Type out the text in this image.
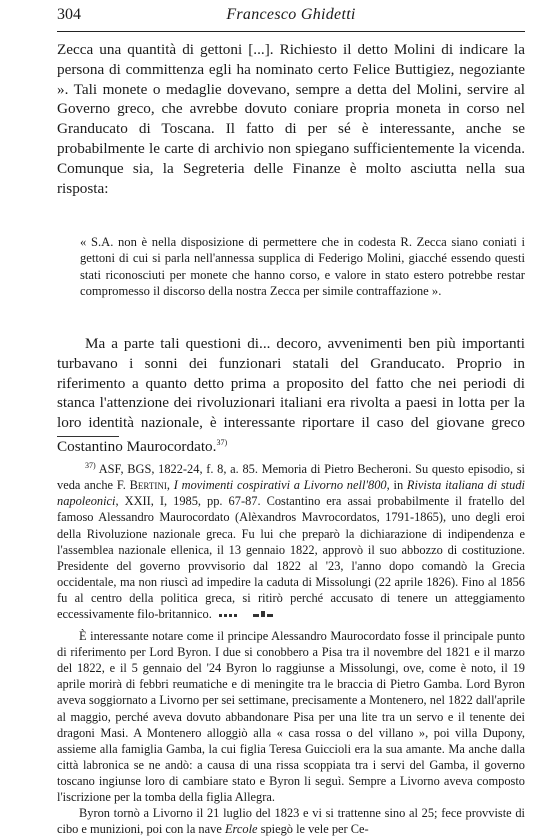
304	Francesco Ghidetti

Zecca una quantità di gettoni [...]. Richiesto il detto Molini di indicare la persona di committenza egli ha nominato certo Felice Buttigiez, negoziante ». Tali monete o medaglie dovevano, sempre a detta del Molini, servire al Governo greco, che avrebbe dovuto coniare propria moneta in corso nel Granducato di Toscana. Il fatto di per sé è interessante, anche se probabilmente le carte di archivio non spiegano sufficientemente la vicenda. Comunque sia, la Segreteria delle Finanze è molto asciutta nella sua risposta:

« S.A. non è nella disposizione di permettere che in codesta R. Zecca siano coniati i gettoni di cui si parla nell'annessa supplica di Federigo Molini, giacché essendo questi stati riconosciuti per monete che hanno corso, e valore in stato estero potrebbe restar compromesso il discorso della nostra Zecca per simile contraffazione ».

Ma a parte tali questioni di... decoro, avvenimenti ben più importanti turbavano i sonni dei funzionari statali del Granducato. Proprio in riferimento a quanto detto prima a proposito del fatto che nei periodi di stanca l'attenzione dei rivoluzionari italiani era rivolta a paesi in lotta per la loro identità nazionale, è interessante riportare il caso del giovane greco Costantino Maurocordato.$^{37)}$

$^{37)}$ ASF, BGS, 1822-24, f. 8, a. 85. Memoria di Pietro Becheroni. Su questo episodio, si veda anche F. Bertini, I movimenti cospirativi a Livorno nell'800, in Rivista italiana di studi napoleonici, XXII, I, 1985, pp. 67-87. Costantino era assai probabilmente il fratello del famoso Alessandro Maurocordato (Alèxandros Mavrocordatos, 1791-1865), uno degli eroi della Rivoluzione nazionale greca. Fu lui che preparò la dichiarazione di indipendenza e l'assemblea nazionale ellenica, il 13 gennaio 1822, approvò il suo abbozzo di costituzione. Presidente del governo provvisorio dal 1822 al '23, l'anno dopo comandò la Grecia occidentale, ma non riuscì ad impedire la caduta di Missolungi (22 aprile 1826). Fino al 1856 fu al centro della politica greca, si ritirò perché accusato di tenere un atteggiamento eccessivamente filo-britannico.

È interessante notare come il principe Alessandro Maurocordato fosse il principale punto di riferimento per Lord Byron. I due si conobbero a Pisa tra il novembre del 1821 e il marzo del 1822, e il 5 gennaio del '24 Byron lo raggiunse a Missolungi, ove, come è noto, il 19 aprile morirà di febbri reumatiche e di meningite tra le braccia di Pietro Gamba. Lord Byron aveva soggiornato a Livorno per sei settimane, precisamente a Montenero, nel 1822 dall'aprile al maggio, perché aveva dovuto abbandonare Pisa per una lite tra un servo e il tenente dei dragoni Masi. A Montenero alloggiò alla « casa rossa o del villano », poi villa Dupony, assieme alla famiglia Gamba, la cui figlia Teresa Guiccioli era la sua amante. Ma anche dalla città labronica se ne andò: a causa di una rissa scoppiata tra i servi del Gamba, il governo toscano ingiunse loro di cambiare stato e Byron li seguì. Sempre a Livorno aveva composto l'iscrizione per la tomba della figlia Allegra.

Byron tornò a Livorno il 21 luglio del 1823 e vi si trattenne sino al 25; fece provviste di cibo e munizioni, poi con la nave Ercole spiegò le vele per Ce-
